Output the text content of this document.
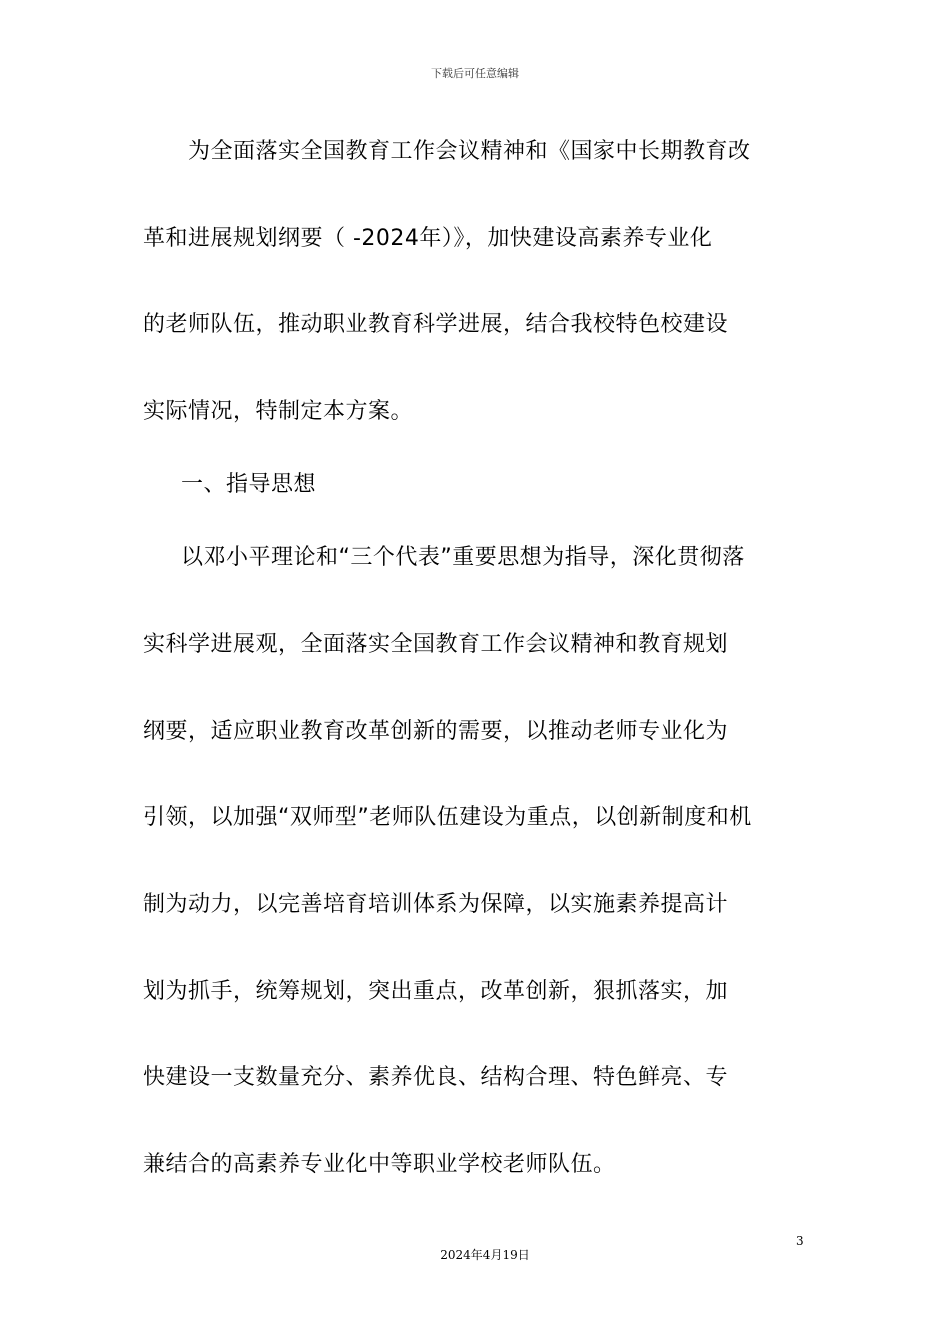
下载后可任意编辑
为全面落实全国教育工作会议精神和《国家中长期教育改
革和进展规划纲要（ -2024年）》，加快建设高素养专业化
的老师队伍，推动职业教育科学进展，结合我校特色校建设
实际情况，特制定本方案。
一、指导思想
以邓小平理论和“三个代表”重要思想为指导，深化贯彻落
实科学进展观，全面落实全国教育工作会议精神和教育规划
纲要，适应职业教育改革创新的需要，以推动老师专业化为
引领，以加强“双师型”老师队伍建设为重点，以创新制度和机
制为动力，以完善培育培训体系为保障，以实施素养提高计
划为抓手，统筹规划，突出重点，改革创新，狠抓落实，加
快建设一支数量充分、素养优良、结构合理、特色鲜亮、专
兼结合的高素养专业化中等职业学校老师队伍。
3
2024年4月19日
